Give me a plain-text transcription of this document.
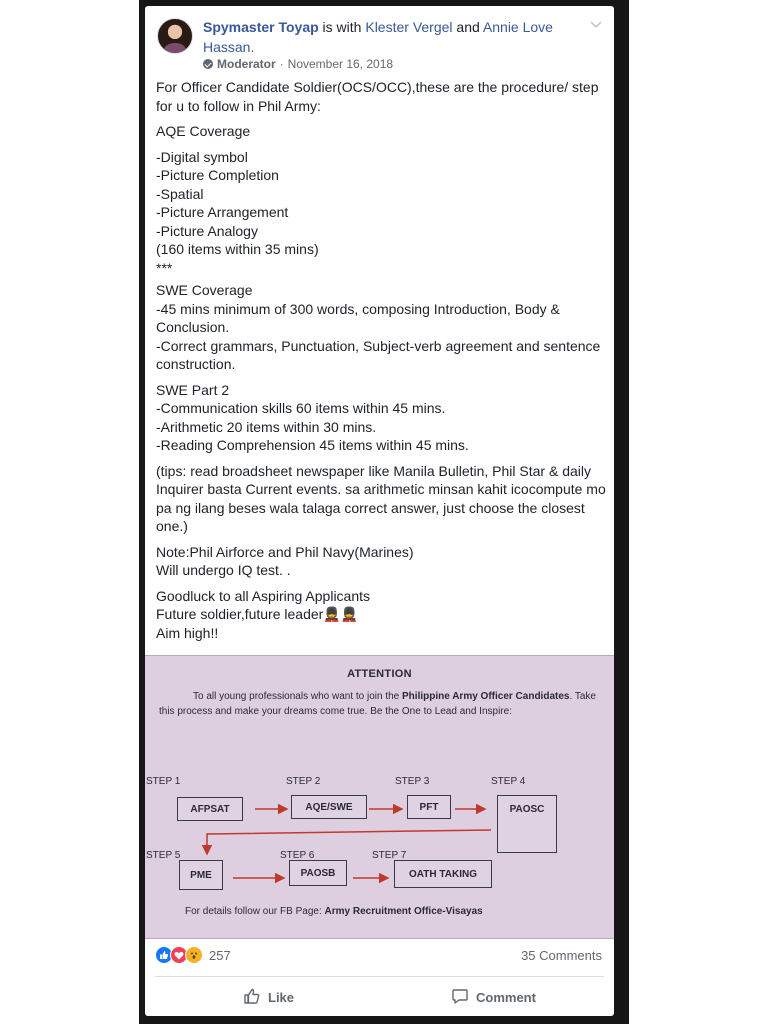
Spymaster Toyap is with Klester Vergel and Annie Love Hassan.
Moderator · November 16, 2018

For Officer Candidate Soldier(OCS/OCC),these are the procedure/ step
for u to follow in Phil Army:

AQE Coverage

-Digital symbol
-Picture Completion
-Spatial
-Picture Arrangement
-Picture Analogy
(160 items within 35 mins)
***

SWE Coverage
-45 mins minimum of 300 words, composing Introduction, Body &
Conclusion.
-Correct grammars, Punctuation, Subject-verb agreement and sentence
construction.

SWE Part 2
-Communication skills 60 items within 45 mins.
-Arithmetic 20 items within 30 mins.
-Reading Comprehension 45 items within 45 mins.

(tips: read broadsheet newspaper like Manila Bulletin, Phil Star & daily
Inquirer basta Current events. sa arithmetic minsan kahit icocompute mo
pa ng ilang beses wala talaga correct answer, just choose the closest
one.)

Note:Phil Airforce and Phil Navy(Marines)
Will undergo IQ test. .

Goodluck to all Aspiring Applicants
Future soldier,future leader💂💂
Aim high!!

ATTENTION
To all young professionals who want to join the Philippine Army Officer Candidates. Take this process and make your dreams come true. Be the One to Lead and Inspire:
STEP 1	STEP 2	STEP 3	STEP 4
STEP 5	STEP 6	STEP 7
AFPSAT	AQE/SWE	PFT	PAOSC
PME	PAOSB	OATH TAKING
For details follow our FB Page: Army Recruitment Office-Visayas
257	35 Comments
Like	Comment
